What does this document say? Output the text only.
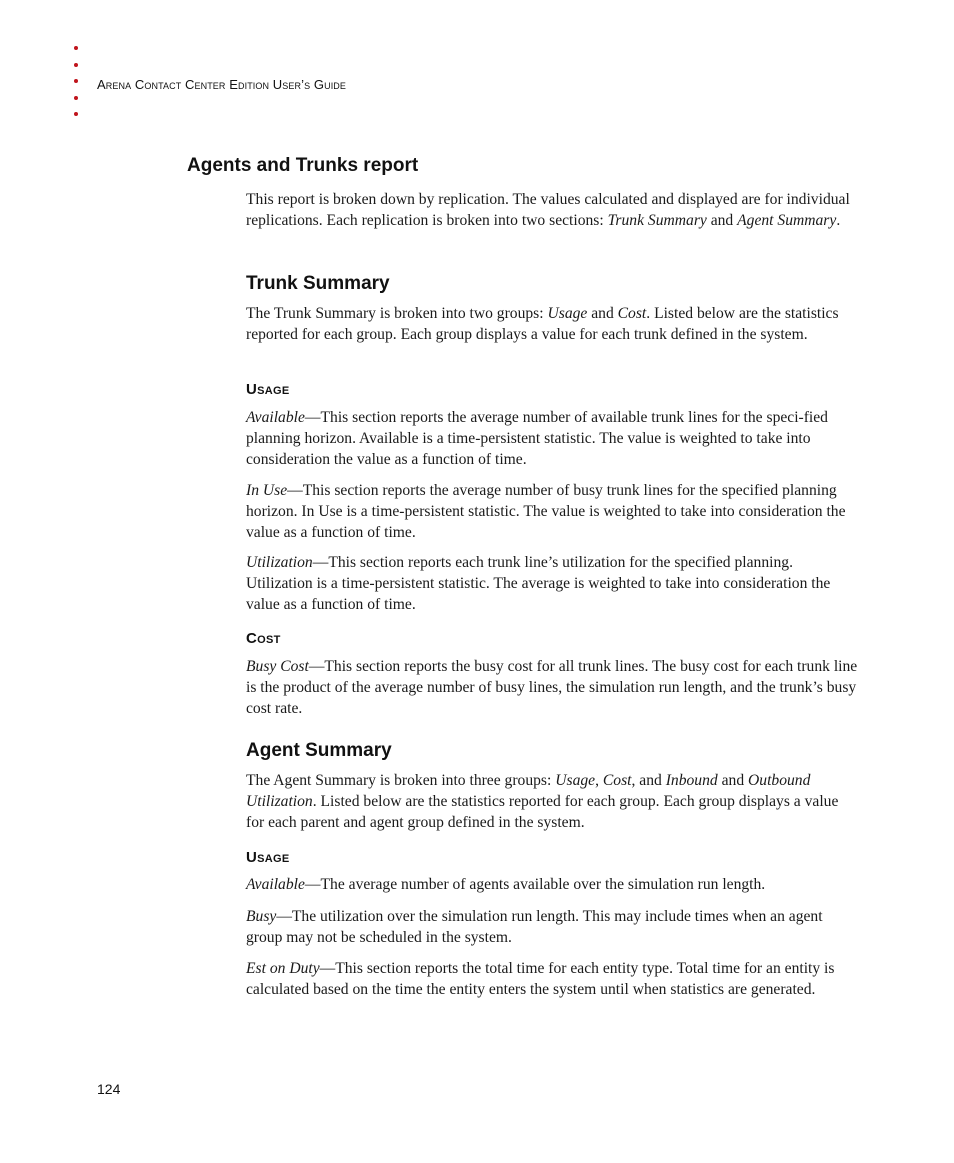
Arena Contact Center Edition User’s Guide
Agents and Trunks report

This report is broken down by replication. The values calculated and displayed are for individual replications. Each replication is broken into two sections: Trunk Summary and Agent Summary.

Trunk Summary

The Trunk Summary is broken into two groups: Usage and Cost. Listed below are the statistics reported for each group. Each group displays a value for each trunk defined in the system.

Usage

Available—This section reports the average number of available trunk lines for the speci-fied planning horizon. Available is a time-persistent statistic. The value is weighted to take into consideration the value as a function of time.

In Use—This section reports the average number of busy trunk lines for the specified planning horizon. In Use is a time-persistent statistic. The value is weighted to take into consideration the value as a function of time.

Utilization—This section reports each trunk line’s utilization for the specified planning. Utilization is a time-persistent statistic. The average is weighted to take into consideration the value as a function of time.

Cost

Busy Cost—This section reports the busy cost for all trunk lines. The busy cost for each trunk line is the product of the average number of busy lines, the simulation run length, and the trunk’s busy cost rate.

Agent Summary

The Agent Summary is broken into three groups: Usage, Cost, and Inbound and Outbound Utilization. Listed below are the statistics reported for each group. Each group displays a value for each parent and agent group defined in the system.

Usage

Available—The average number of agents available over the simulation run length.

Busy—The utilization over the simulation run length. This may include times when an agent group may not be scheduled in the system.

Est on Duty—This section reports the total time for each entity type. Total time for an entity is calculated based on the time the entity enters the system until when statistics are generated.

124
